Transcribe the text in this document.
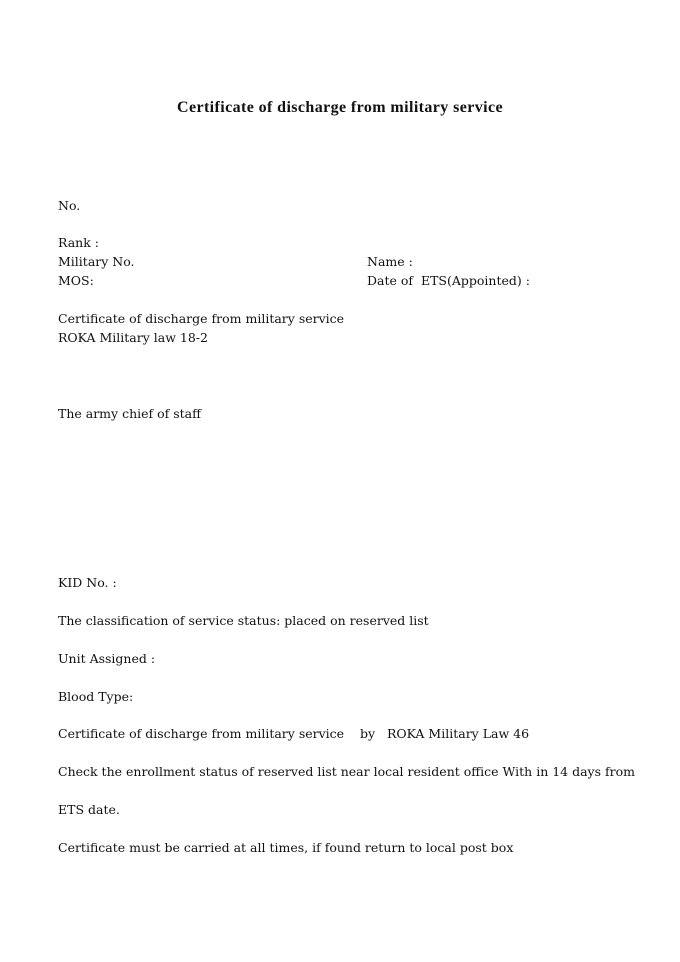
Certificate of discharge from military service
No.
Rank :
Military No.	Name :
MOS:	Date of  ETS(Appointed) :
Certificate of discharge from military service
ROKA Military law 18-2
The army chief of staff
KID No. :
The classification of service status: placed on reserved list
Unit Assigned :
Blood Type:
Certificate of discharge from military service    by   ROKA Military Law 46
Check the enrollment status of reserved list near local resident office With in 14 days from
ETS date.
Certificate must be carried at all times, if found return to local post box
